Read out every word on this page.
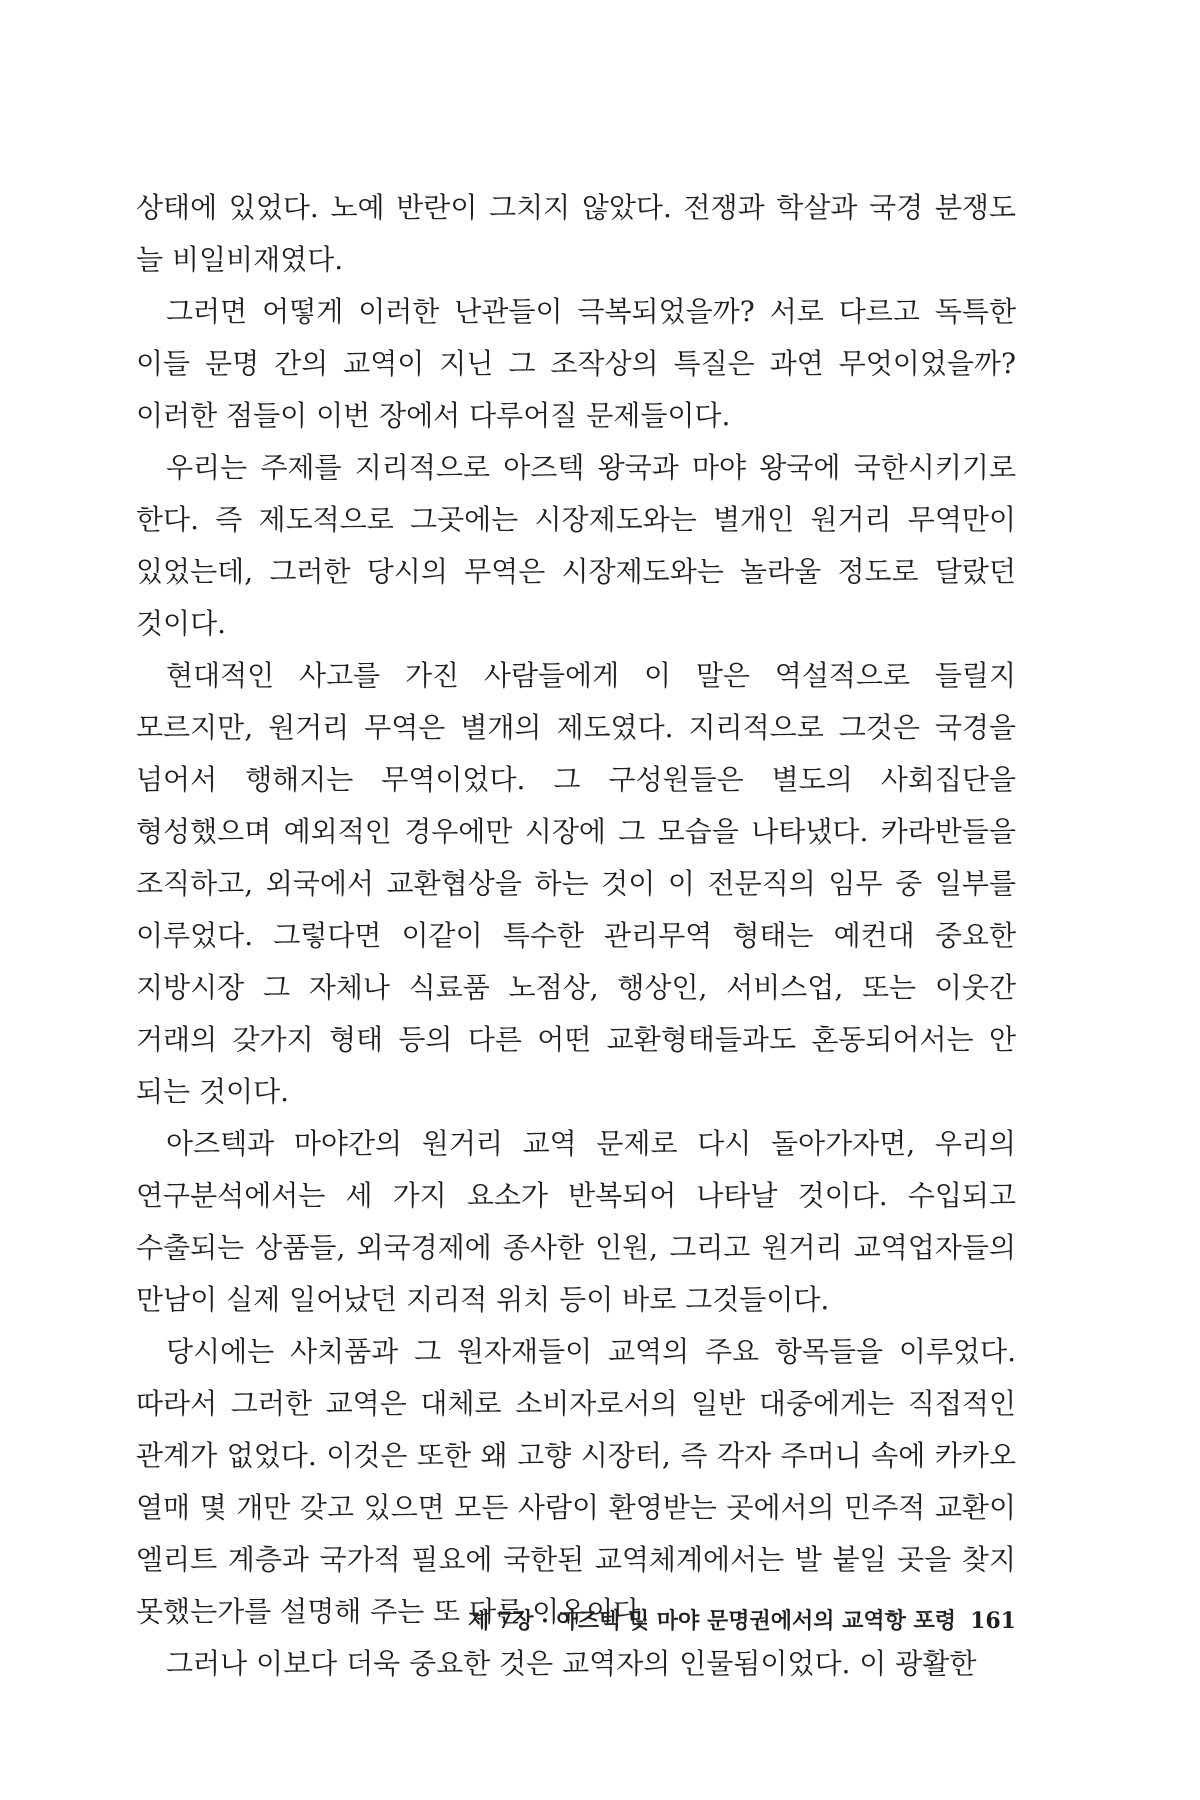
상태에 있었다. 노예 반란이 그치지 않았다. 전쟁과 학살과 국경 분쟁도 늘 비일비재였다.

그러면 어떻게 이러한 난관들이 극복되었을까? 서로 다르고 독특한 이들 문명 간의 교역이 지닌 그 조작상의 특질은 과연 무엇이었을까? 이러한 점들이 이번 장에서 다루어질 문제들이다.

우리는 주제를 지리적으로 아즈텍 왕국과 마야 왕국에 국한시키기로 한다. 즉 제도적으로 그곳에는 시장제도와는 별개인 원거리 무역만이 있었는데, 그러한 당시의 무역은 시장제도와는 놀라울 정도로 달랐던 것이다.

현대적인 사고를 가진 사람들에게 이 말은 역설적으로 들릴지 모르지만, 원거리 무역은 별개의 제도였다. 지리적으로 그것은 국경을 넘어서 행해지는 무역이었다. 그 구성원들은 별도의 사회집단을 형성했으며 예외적인 경우에만 시장에 그 모습을 나타냈다. 카라반들을 조직하고, 외국에서 교환협상을 하는 것이 이 전문직의 임무 중 일부를 이루었다. 그렇다면 이같이 특수한 관리무역 형태는 예컨대 중요한 지방시장 그 자체나 식료품 노점상, 행상인, 서비스업, 또는 이웃간 거래의 갖가지 형태 등의 다른 어떤 교환형태들과도 혼동되어서는 안 되는 것이다.

아즈텍과 마야간의 원거리 교역 문제로 다시 돌아가자면, 우리의 연구분석에서는 세 가지 요소가 반복되어 나타날 것이다. 수입되고 수출되는 상품들, 외국경제에 종사한 인원, 그리고 원거리 교역업자들의 만남이 실제 일어났던 지리적 위치 등이 바로 그것들이다.

당시에는 사치품과 그 원자재들이 교역의 주요 항목들을 이루었다. 따라서 그러한 교역은 대체로 소비자로서의 일반 대중에게는 직접적인 관계가 없었다. 이것은 또한 왜 고향 시장터, 즉 각자 주머니 속에 카카오 열매 몇 개만 갖고 있으면 모든 사람이 환영받는 곳에서의 민주적 교환이 엘리트 계층과 국가적 필요에 국한된 교역체계에서는 발 붙일 곳을 찾지 못했는가를 설명해 주는 또 다른 이유이다.

그러나 이보다 더욱 중요한 것은 교역자의 인물됨이었다. 이 광활한

제 7장 · 아즈텍 및 마야 문명권에서의 교역항 포령 161
